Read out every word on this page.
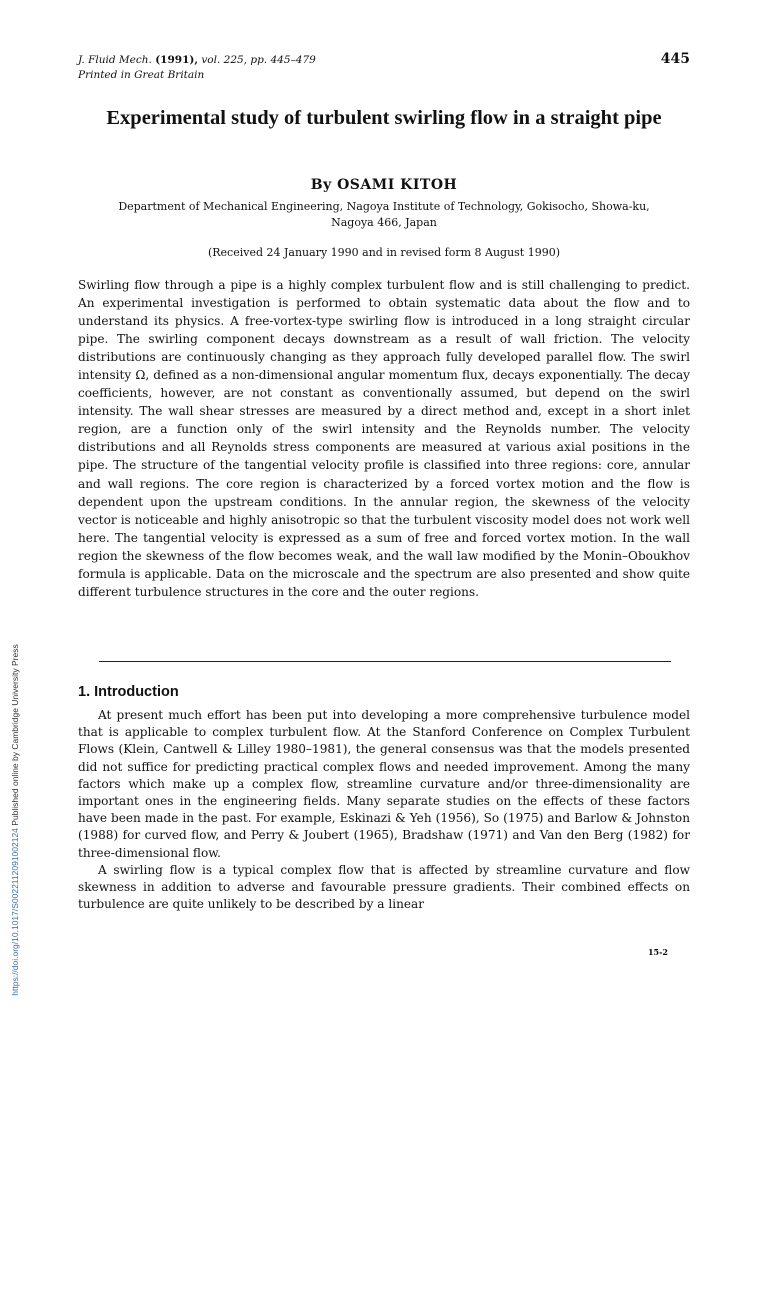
J. Fluid Mech. (1991), vol. 225, pp. 445–479
Printed in Great Britain
445
Experimental study of turbulent swirling flow in a straight pipe
By OSAMI KITOH
Department of Mechanical Engineering, Nagoya Institute of Technology, Gokisocho, Showa-ku, Nagoya 466, Japan
(Received 24 January 1990 and in revised form 8 August 1990)
Swirling flow through a pipe is a highly complex turbulent flow and is still challenging to predict. An experimental investigation is performed to obtain systematic data about the flow and to understand its physics. A free-vortex-type swirling flow is introduced in a long straight circular pipe. The swirling component decays downstream as a result of wall friction. The velocity distributions are continuously changing as they approach fully developed parallel flow. The swirl intensity Ω, defined as a non-dimensional angular momentum flux, decays exponentially. The decay coefficients, however, are not constant as conventionally assumed, but depend on the swirl intensity. The wall shear stresses are measured by a direct method and, except in a short inlet region, are a function only of the swirl intensity and the Reynolds number. The velocity distributions and all Reynolds stress components are measured at various axial positions in the pipe. The structure of the tangential velocity profile is classified into three regions: core, annular and wall regions. The core region is characterized by a forced vortex motion and the flow is dependent upon the upstream conditions. In the annular region, the skewness of the velocity vector is noticeable and highly anisotropic so that the turbulent viscosity model does not work well here. The tangential velocity is expressed as a sum of free and forced vortex motion. In the wall region the skewness of the flow becomes weak, and the wall law modified by the Monin–Oboukhov formula is applicable. Data on the microscale and the spectrum are also presented and show quite different turbulence structures in the core and the outer regions.
1. Introduction

At present much effort has been put into developing a more comprehensive turbulence model that is applicable to complex turbulent flow. At the Stanford Conference on Complex Turbulent Flows (Klein, Cantwell & Lilley 1980–1981), the general consensus was that the models presented did not suffice for predicting practical complex flows and needed improvement. Among the many factors which make up a complex flow, streamline curvature and/or three-dimensionality are important ones in the engineering fields. Many separate studies on the effects of these factors have been made in the past. For example, Eskinazi & Yeh (1956), So (1975) and Barlow & Johnston (1988) for curved flow, and Perry & Joubert (1965), Bradshaw (1971) and Van den Berg (1982) for three-dimensional flow.

A swirling flow is a typical complex flow that is affected by streamline curvature and flow skewness in addition to adverse and favourable pressure gradients. Their combined effects on turbulence are quite unlikely to be described by a linear

15-2
https://doi.org/10.1017/S0022112091002124 Published online by Cambridge University Press
